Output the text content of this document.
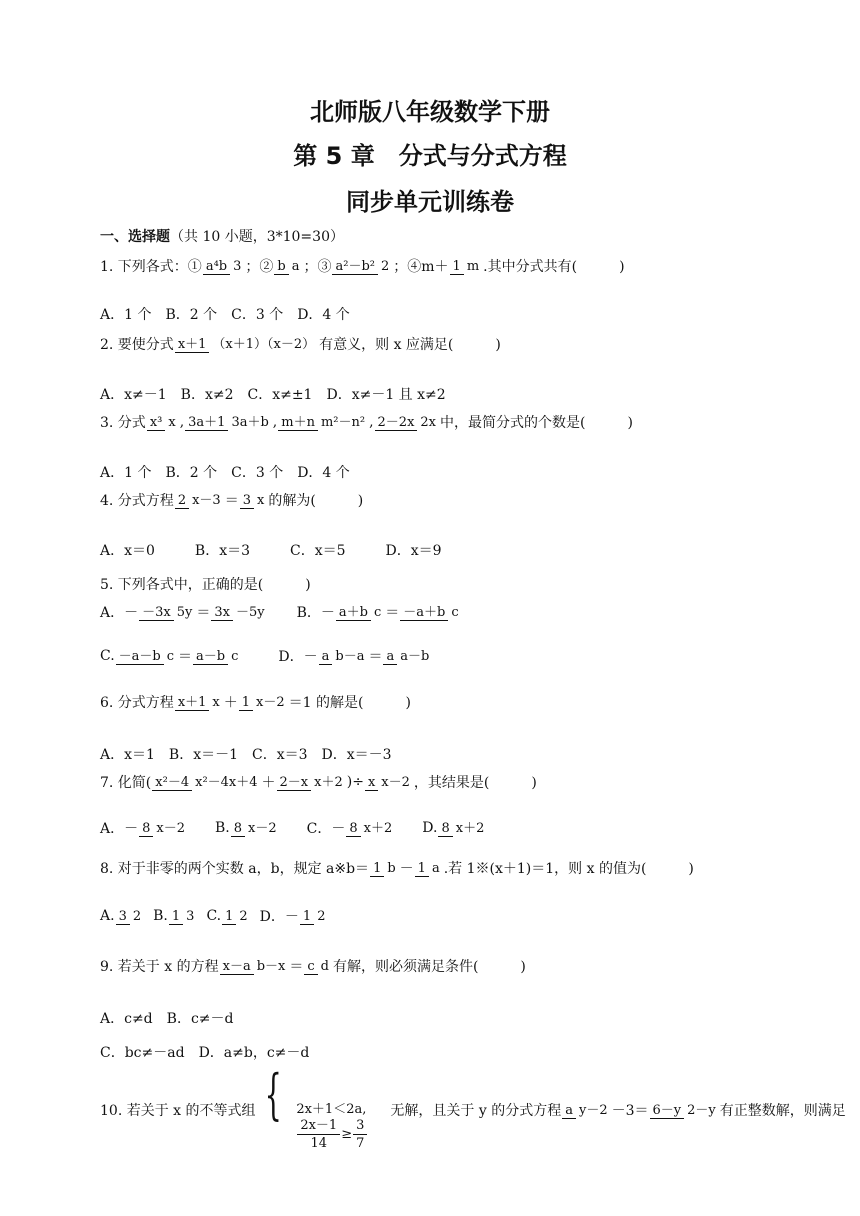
北师版八年级数学下册
第 5 章　分式与分式方程
同步单元训练卷
一、选择题 （共 10 小题，3*10=30）
1. 下列各式：① a⁴b 3 ；② b a ；③ a²－b² 2 ；④m＋ 1 m .其中分式共有(　　　)
A．1 个 B．2 个 C．3 个 D．4 个
2. 要使分式 x＋1 （x＋1）（x－2） 有意义，则 x 应满足(　　　)
A．x≠－1 B．x≠2 C．x≠±1 D．x≠－1 且 x≠2
3. 分式 x³ x , 3a＋1 3a＋b , m＋n m²－n² , 2－2x 2x 中，最简分式的个数是(　　　)
A．1 个 B．2 个 C．3 个 D．4 个
4. 分式方程 2 x－3 ＝ 3 x 的解为(　　　)
A．x＝0	B．x＝3	C．x＝5	D．x＝9
5. 下列各式中，正确的是(　　　)
A．－ －3x 5y ＝ 3x －5y B．－ a＋b c ＝ －a＋b c
C. －a－b c ＝ a－b c	D．－ a b－a ＝ a a－b
6. 分式方程 x＋1 x ＋ 1 x－2 ＝1 的解是(　　　)
A．x＝1 B．x＝－1 C．x＝3 D．x＝－3
7. 化简( x²－4 x²－4x＋4 ＋ 2－x x＋2 )÷ x x－2 ，其结果是(　　　)
A．－ 8 x－2 B. 8 x－2 C．－ 8 x＋2 D. 8 x＋2
8. 对于非零的两个实数 a，b，规定 a※b＝ 1 b － 1 a .若 1※(x＋1)＝1，则 x 的值为(　　　)
A. 3 2 B. 1 3 C. 1 2 D．－ 1 2
9. 若关于 x 的方程 x－a b－x ＝ c d 有解，则必须满足条件(　　　)
A．c≠d B．c≠－d
C．bc≠－ad D．a≠b，c≠－d
10. 若关于 x 的不等式组 { 2x＋1＜2a,
$\frac{2x-1}{14} \ge \frac{3}{7}$
无解，且关于 y 的分式方程 a y－2 －3＝ 6－y 2－y 有正整数解，则满足
